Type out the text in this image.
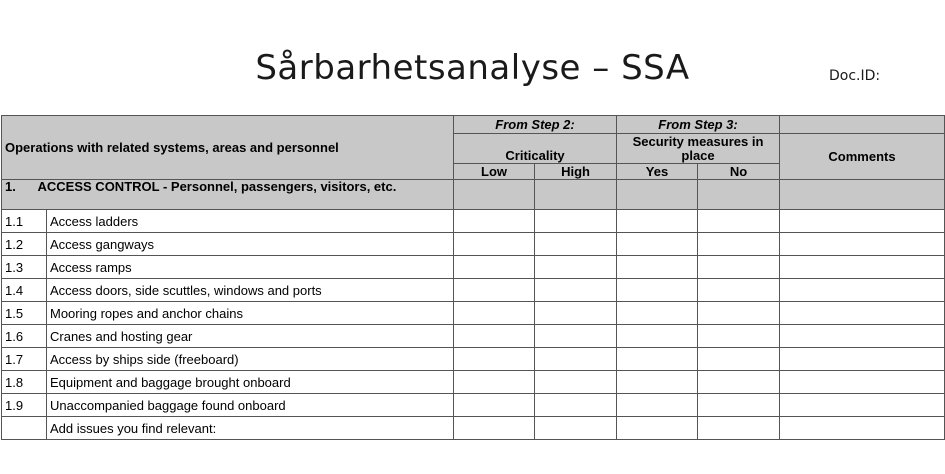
Sårbarhetsanalyse – SSA	Doc.ID:
Operations with related systems, areas and personnel		From Step 2:		From Step 3:		
		Criticality		Security measures in place		Comments
		Low	High	Yes	No	
1. ACCESS CONTROL - Personnel, passengers, visitors, etc.						
1.1	Access ladders					
1.2	Access gangways					
1.3	Access ramps					
1.4	Access doors, side scuttles, windows and ports					
1.5	Mooring ropes and anchor chains					
1.6	Cranes and hosting gear					
1.7	Access by ships side (freeboard)					
1.8	Equipment and baggage brought onboard					
1.9	Unaccompanied baggage found onboard					
	Add issues you find relevant:					
